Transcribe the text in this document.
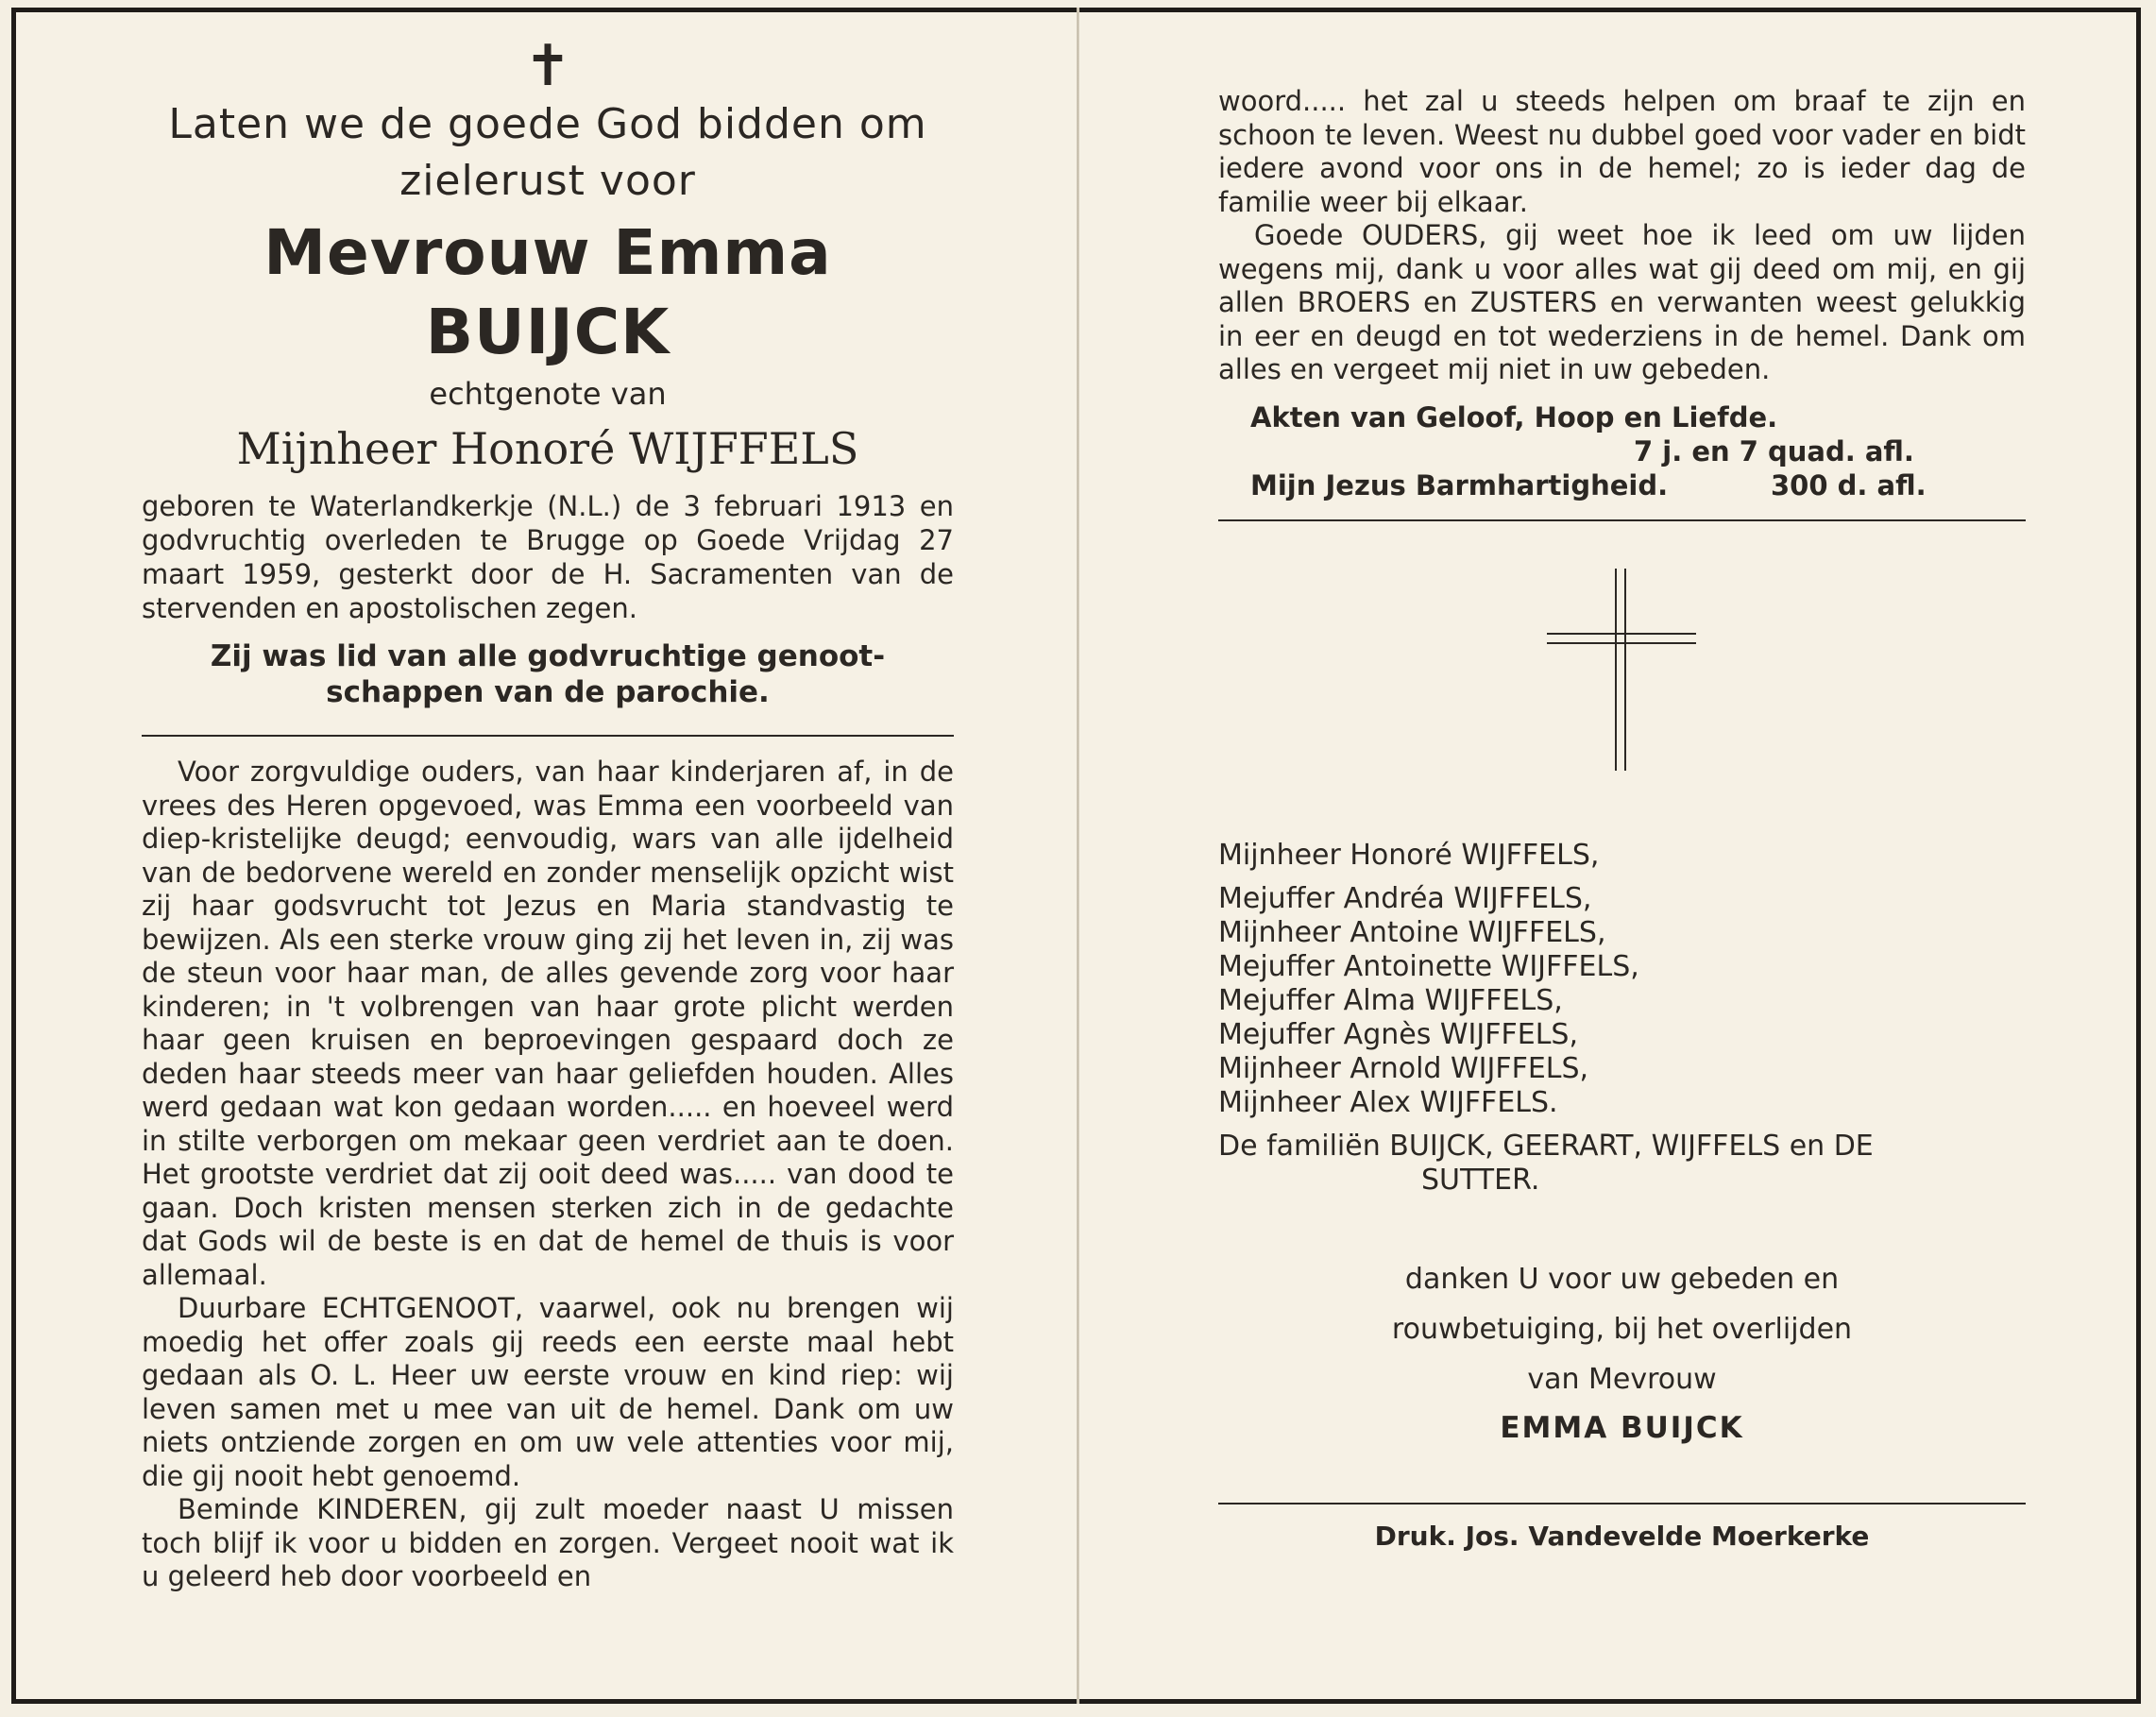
✝
Laten we de goede God bidden om
zielerust voor
Mevrouw Emma BUIJCK
echtgenote van
Mijnheer Honoré WIJFFELS
geboren te Waterlandkerkje (N.L.) de 3 februari 1913 en godvruchtig overleden te Brugge op Goede Vrijdag 27 maart 1959, gesterkt door de H. Sacramenten van de stervenden en apostolischen zegen.
Zij was lid van alle godvruchtige genoot-
schappen van de parochie.

Voor zorgvuldige ouders, van haar kinderjaren af, in de vrees des Heren opgevoed, was Emma een voorbeeld van diep-kristelijke deugd; eenvoudig, wars van alle ijdelheid van de bedorvene wereld en zonder menselijk opzicht wist zij haar godsvrucht tot Jezus en Maria standvastig te bewijzen. Als een sterke vrouw ging zij het leven in, zij was de steun voor haar man, de alles gevende zorg voor haar kinderen; in 't volbrengen van haar grote plicht werden haar geen kruisen en beproevingen gespaard doch ze deden haar steeds meer van haar geliefden houden. Alles werd gedaan wat kon gedaan worden..... en hoeveel werd in stilte verborgen om mekaar geen verdriet aan te doen. Het grootste verdriet dat zij ooit deed was..... van dood te gaan. Doch kristen mensen sterken zich in de gedachte dat Gods wil de beste is en dat de hemel de thuis is voor allemaal.

Duurbare ECHTGENOOT, vaarwel, ook nu brengen wij moedig het offer zoals gij reeds een eerste maal hebt gedaan als O. L. Heer uw eerste vrouw en kind riep: wij leven samen met u mee van uit de hemel. Dank om uw niets ontziende zorgen en om uw vele attenties voor mij, die gij nooit hebt genoemd.

Beminde KINDEREN, gij zult moeder naast U missen toch blijf ik voor u bidden en zorgen. Vergeet nooit wat ik u geleerd heb door voorbeeld en

woord..... het zal u steeds helpen om braaf te zijn en schoon te leven. Weest nu dubbel goed voor vader en bidt iedere avond voor ons in de hemel; zo is ieder dag de familie weer bij elkaar.

Goede OUDERS, gij weet hoe ik leed om uw lijden wegens mij, dank u voor alles wat gij deed om mij, en gij allen BROERS en ZUSTERS en verwanten weest gelukkig in eer en deugd en tot wederziens in de hemel. Dank om alles en vergeet mij niet in uw gebeden.

Akten van Geloof, Hoop en Liefde.
7 j. en 7 quad. afl.
Mijn Jezus Barmhartigheid.	300 d. afl.
Mijnheer Honoré WIJFFELS,
Mejuffer Andréa WIJFFELS,
Mijnheer Antoine WIJFFELS,
Mejuffer Antoinette WIJFFELS,
Mejuffer Alma WIJFFELS,
Mejuffer Agnès WIJFFELS,
Mijnheer Arnold WIJFFELS,
Mijnheer Alex WIJFFELS.
De familiën BUIJCK, GEERART, WIJFFELS en DE
SUTTER.
danken U voor uw gebeden en
rouwbetuiging, bij het overlijden
van Mevrouw
EMMA BUIJCK
Druk. Jos. Vandevelde Moerkerke
